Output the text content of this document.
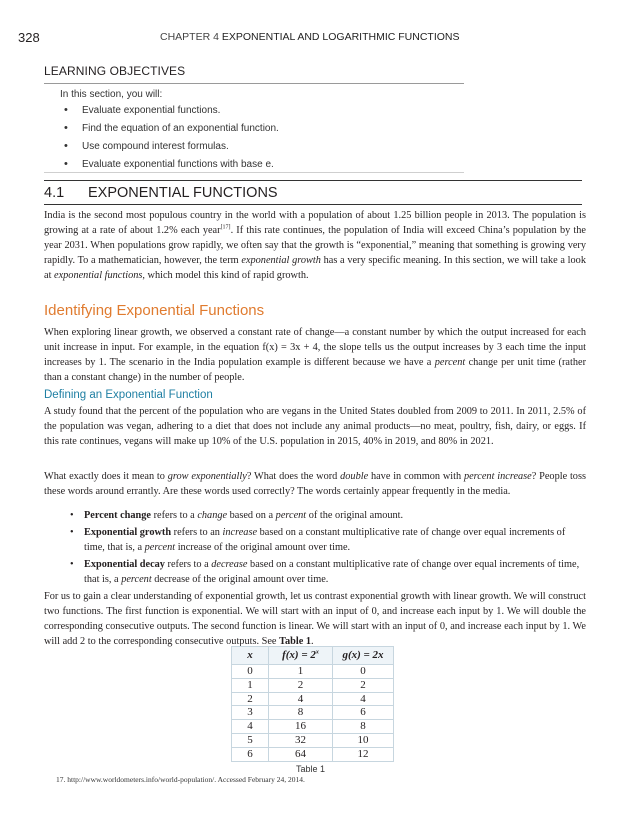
328	CHAPTER 4 EXPONENTIAL AND LOGARITHMIC FUNCTIONS
LEARNING OBJECTIVES
In this section, you will:
• Evaluate exponential functions.
• Find the equation of an exponential function.
• Use compound interest formulas.
• Evaluate exponential functions with base e.
4.1 EXPONENTIAL FUNCTIONS
India is the second most populous country in the world with a population of about 1.25 billion people in 2013. The population is growing at a rate of about 1.2% each year[17]. If this rate continues, the population of India will exceed China’s population by the year 2031. When populations grow rapidly, we often say that the growth is “exponential,” meaning that something is growing very rapidly. To a mathematician, however, the term exponential growth has a very specific meaning. In this section, we will take a look at exponential functions, which model this kind of rapid growth.
Identifying Exponential Functions
When exploring linear growth, we observed a constant rate of change—a constant number by which the output increased for each unit increase in input. For example, in the equation f(x) = 3x + 4, the slope tells us the output increases by 3 each time the input increases by 1. The scenario in the India population example is different because we have a percent change per unit time (rather than a constant change) in the number of people.
Defining an Exponential Function
A study found that the percent of the population who are vegans in the United States doubled from 2009 to 2011. In 2011, 2.5% of the population was vegan, adhering to a diet that does not include any animal products—no meat, poultry, fish, dairy, or eggs. If this rate continues, vegans will make up 10% of the U.S. population in 2015, 40% in 2019, and 80% in 2021.
What exactly does it mean to grow exponentially? What does the word double have in common with percent increase? People toss these words around errantly. Are these words used correctly? The words certainly appear frequently in the media.
• Percent change refers to a change based on a percent of the original amount.
• Exponential growth refers to an increase based on a constant multiplicative rate of change over equal increments of time, that is, a percent increase of the original amount over time.
• Exponential decay refers to a decrease based on a constant multiplicative rate of change over equal increments of time, that is, a percent decrease of the original amount over time.
For us to gain a clear understanding of exponential growth, let us contrast exponential growth with linear growth. We will construct two functions. The first function is exponential. We will start with an input of 0, and increase each input by 1. We will double the corresponding consecutive outputs. The second function is linear. We will start with an input of 0, and increase each input by 1. We will add 2 to the corresponding consecutive outputs. See Table 1.
x	$f(x) = 2^x$	g(x) = 2x
0	1	0
1	2	2
2	4	4
3	8	6
4	16	8
5	32	10
6	64	12
Table 1
17. http://www.worldometers.info/world-population/. Accessed February 24, 2014.
